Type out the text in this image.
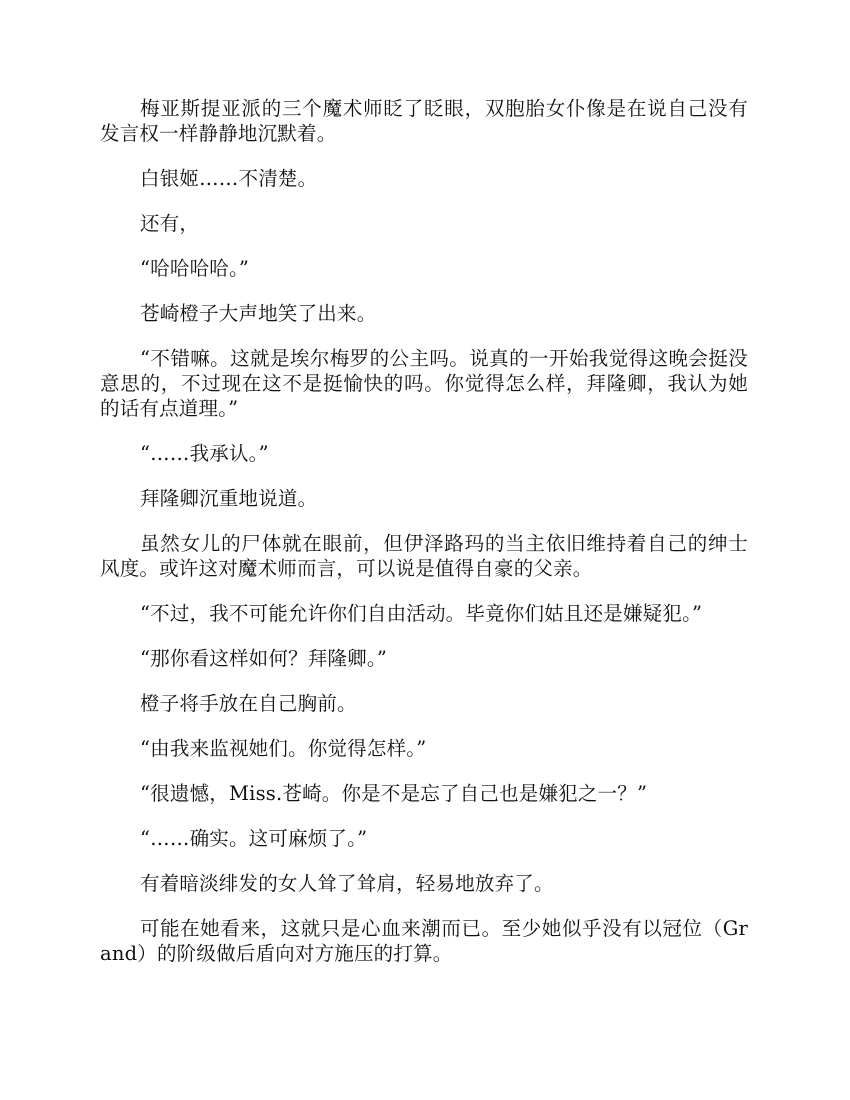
梅亚斯提亚派的三个魔术师眨了眨眼，双胞胎女仆像是在说自己没有发言权一样静静地沉默着。

白银姬……不清楚。

还有，

“哈哈哈哈。”

苍崎橙子大声地笑了出来。

“不错嘛。这就是埃尔梅罗的公主吗。说真的一开始我觉得这晚会挺没意思的，不过现在这不是挺愉快的吗。你觉得怎么样，拜隆卿，我认为她的话有点道理。”

“……我承认。”

拜隆卿沉重地说道。

虽然女儿的尸体就在眼前，但伊泽路玛的当主依旧维持着自己的绅士风度。或许这对魔术师而言，可以说是值得自豪的父亲。

“不过，我不可能允许你们自由活动。毕竟你们姑且还是嫌疑犯。”

“那你看这样如何？拜隆卿。”

橙子将手放在自己胸前。

“由我来监视她们。你觉得怎样。”

“很遗憾，Miss.苍崎。你是不是忘了自己也是嫌犯之一？”

“……确实。这可麻烦了。”

有着暗淡绯发的女人耸了耸肩，轻易地放弃了。

可能在她看来，这就只是心血来潮而已。至少她似乎没有以冠位（Grand）的阶级做后盾向对方施压的打算。
